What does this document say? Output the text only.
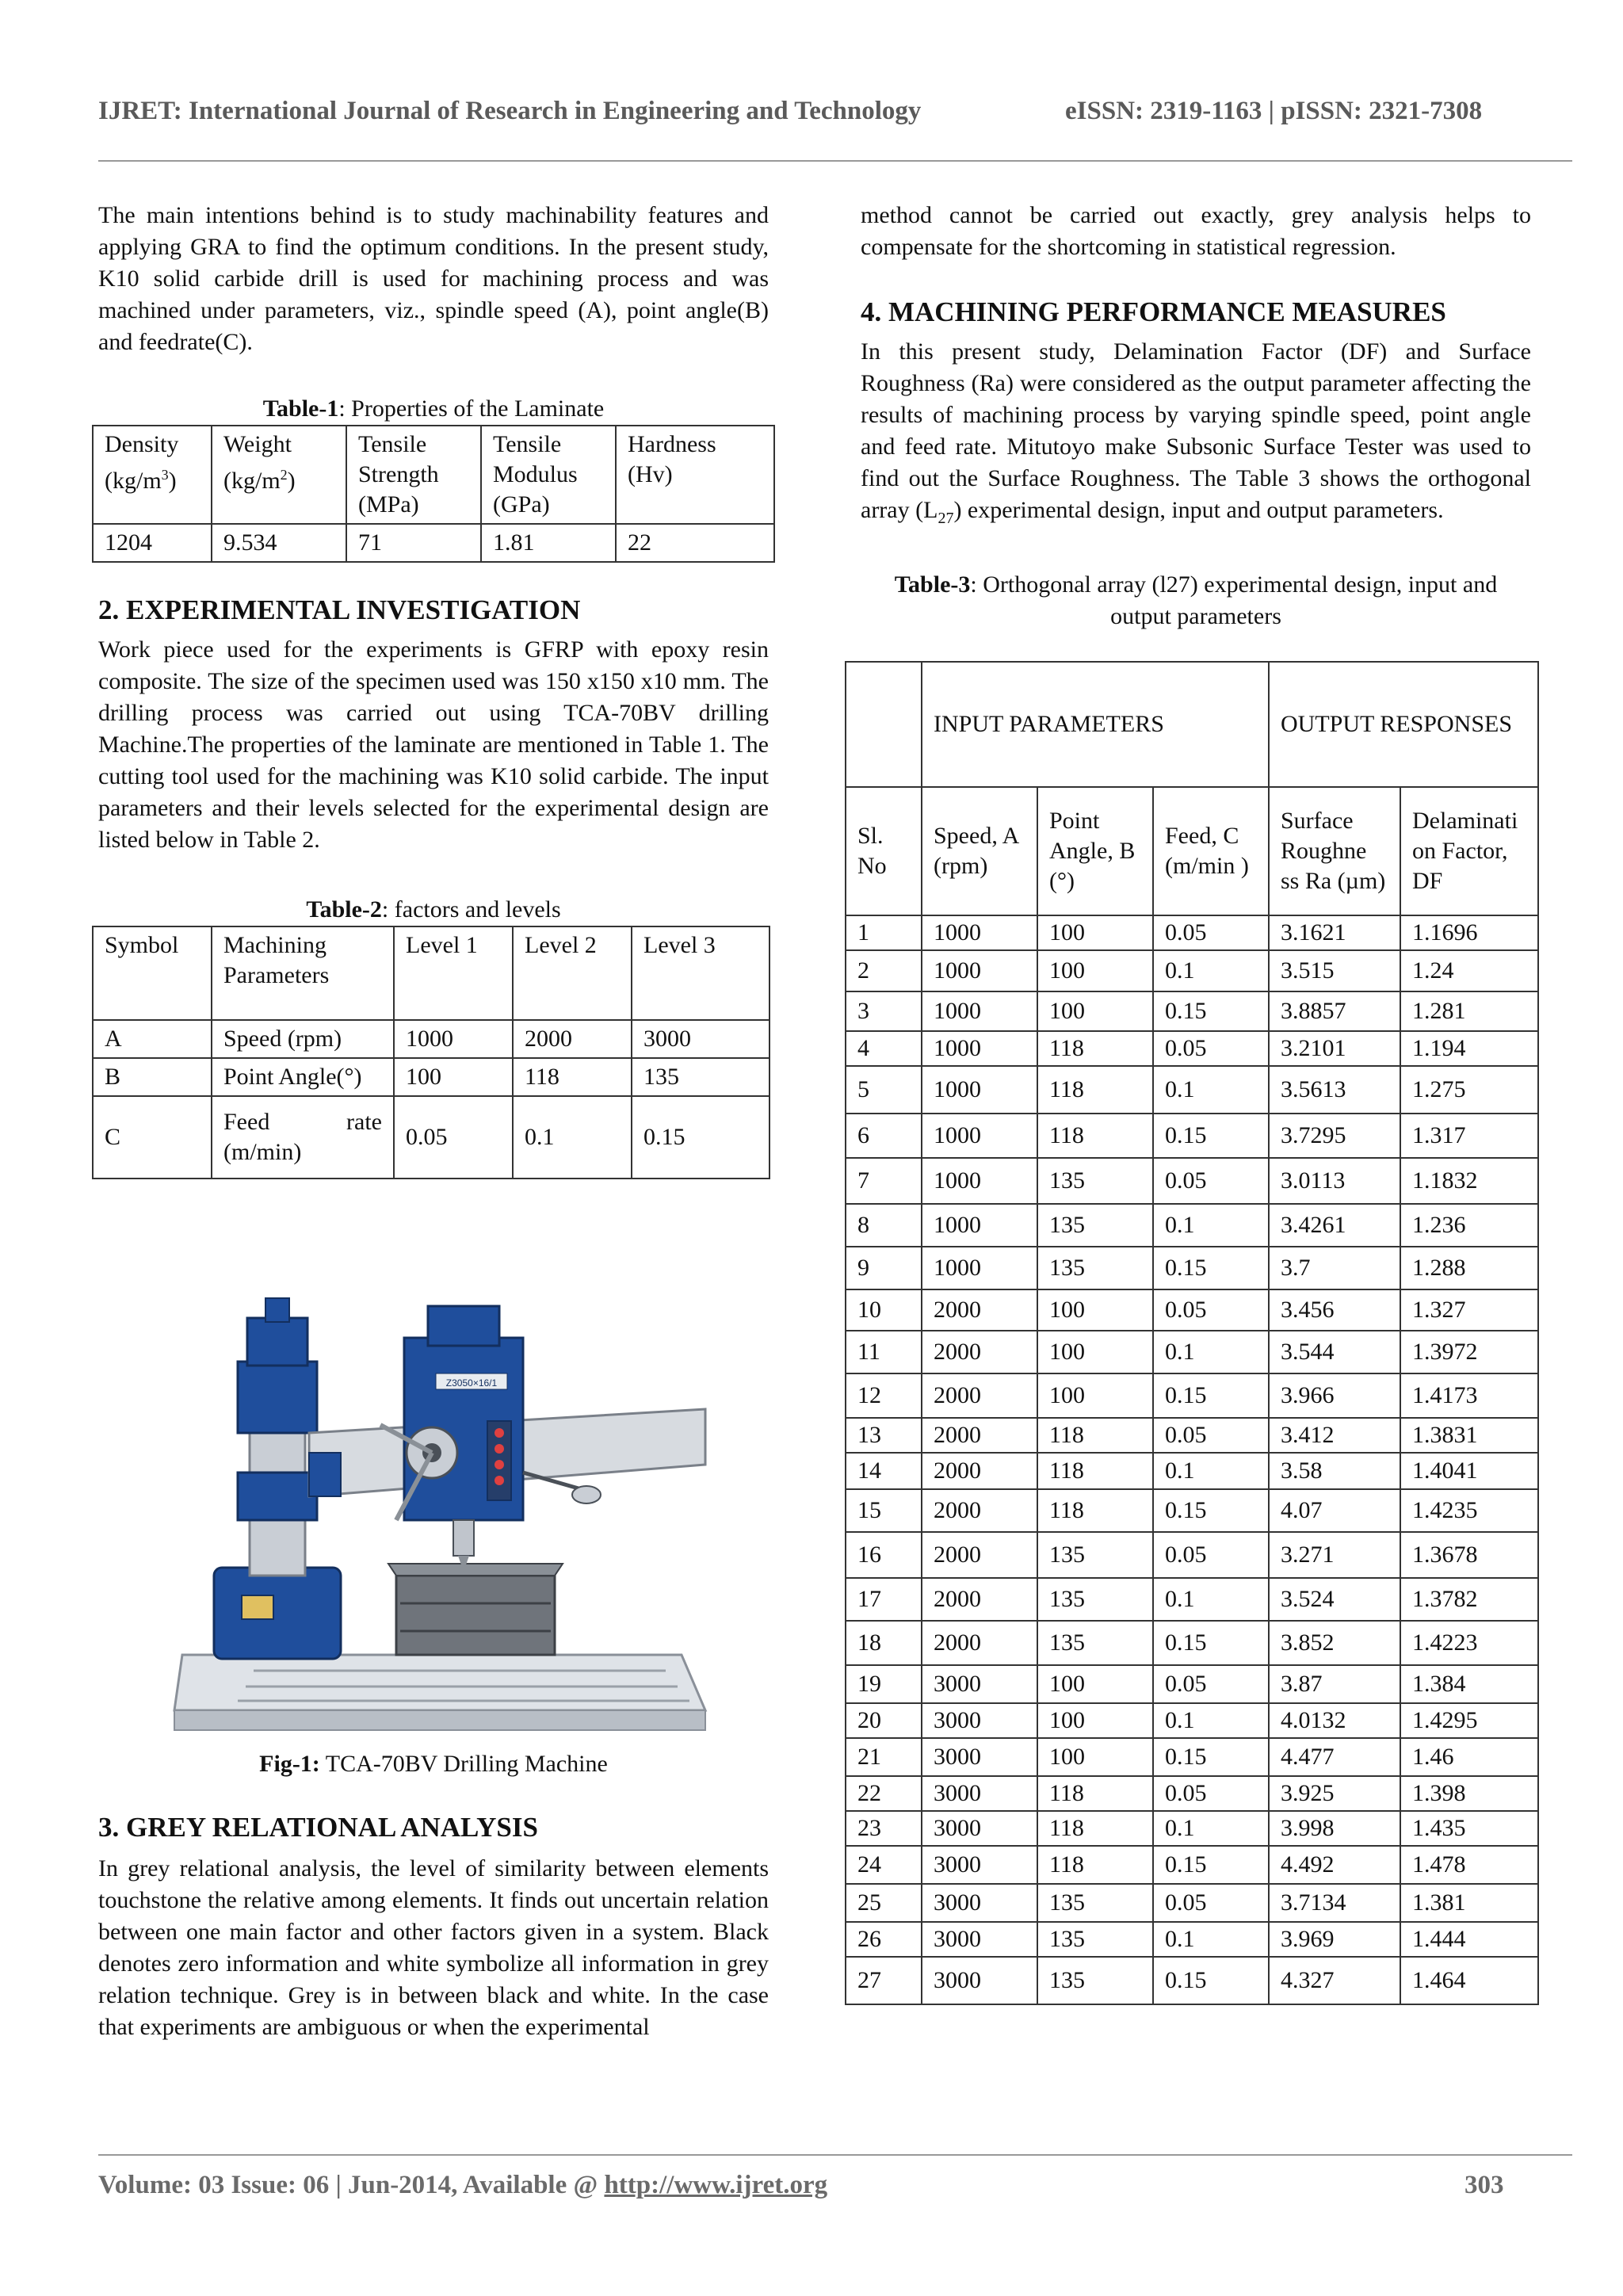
IJRET: International Journal of Research in Engineering and Technology	eISSN: 2319-1163 | pISSN: 2321-7308

The main intentions behind is to study machinability features and applying GRA to find the optimum conditions. In the present study, K10 solid carbide drill is used for machining process and was machined under parameters, viz., spindle speed (A), point angle(B) and feedrate(C).

Table-1: Properties of the Laminate
Density $(kg/m^3)$	Weight $(kg/m^2)$	Tensile Strength (MPa)	Tensile Modulus (GPa)	Hardness (Hv)
1204	9.534	71	1.81	22
2. EXPERIMENTAL INVESTIGATION

Work piece used for the experiments is GFRP with epoxy resin composite. The size of the specimen used was 150 x150 x10 mm. The drilling process was carried out using TCA-70BV drilling Machine.The properties of the laminate are mentioned in Table 1. The cutting tool used for the machining was K10 solid carbide. The input parameters and their levels selected for the experimental design are listed below in Table 2.

Table-2: factors and levels
Symbol	Machining Parameters	Level 1	Level 2	Level 3
A	Speed (rpm)	1000	2000	3000
B	Point Angle(°)	100	118	135
C	Feed rate (m/min)	0.05	0.1	0.15
Z3050×16/1
Fig-1: TCA-70BV Drilling Machine
3. GREY RELATIONAL ANALYSIS

In grey relational analysis, the level of similarity between elements touchstone the relative among elements. It finds out uncertain relation between one main factor and other factors given in a system. Black denotes zero information and white symbolize all information in grey relation technique. Grey is in between black and white. In the case that experiments are ambiguous or when the experimental

method cannot be carried out exactly, grey analysis helps to compensate for the shortcoming in statistical regression.

4. MACHINING PERFORMANCE MEASURES

In this present study, Delamination Factor (DF) and Surface Roughness (Ra) were considered as the output parameter affecting the results of machining process by varying spindle speed, point angle and feed rate. Mitutoyo make Subsonic Surface Tester was used to find out the Surface Roughness. The Table 3 shows the orthogonal array $(L_{27})$ experimental design, input and output parameters.

Table-3: Orthogonal array (l27) experimental design, input and output parameters
	INPUT PARAMETERS			OUTPUT RESPONSES	
Sl. No	Speed, A (rpm)	Point Angle, B (°)	Feed, C (m/min )	Surface Roughne ss Ra (µm)	Delaminati on Factor, DF
1	1000	100	0.05	3.1621	1.1696
2	1000	100	0.1	3.515	1.24
3	1000	100	0.15	3.8857	1.281
4	1000	118	0.05	3.2101	1.194
5	1000	118	0.1	3.5613	1.275
6	1000	118	0.15	3.7295	1.317
7	1000	135	0.05	3.0113	1.1832
8	1000	135	0.1	3.4261	1.236
9	1000	135	0.15	3.7	1.288
10	2000	100	0.05	3.456	1.327
11	2000	100	0.1	3.544	1.3972
12	2000	100	0.15	3.966	1.4173
13	2000	118	0.05	3.412	1.3831
14	2000	118	0.1	3.58	1.4041
15	2000	118	0.15	4.07	1.4235
16	2000	135	0.05	3.271	1.3678
17	2000	135	0.1	3.524	1.3782
18	2000	135	0.15	3.852	1.4223
19	3000	100	0.05	3.87	1.384
20	3000	100	0.1	4.0132	1.4295
21	3000	100	0.15	4.477	1.46
22	3000	118	0.05	3.925	1.398
23	3000	118	0.1	3.998	1.435
24	3000	118	0.15	4.492	1.478
25	3000	135	0.05	3.7134	1.381
26	3000	135	0.1	3.969	1.444
27	3000	135	0.15	4.327	1.464
Volume: 03 Issue: 06 | Jun-2014, Available @ http://www.ijret.org	303
